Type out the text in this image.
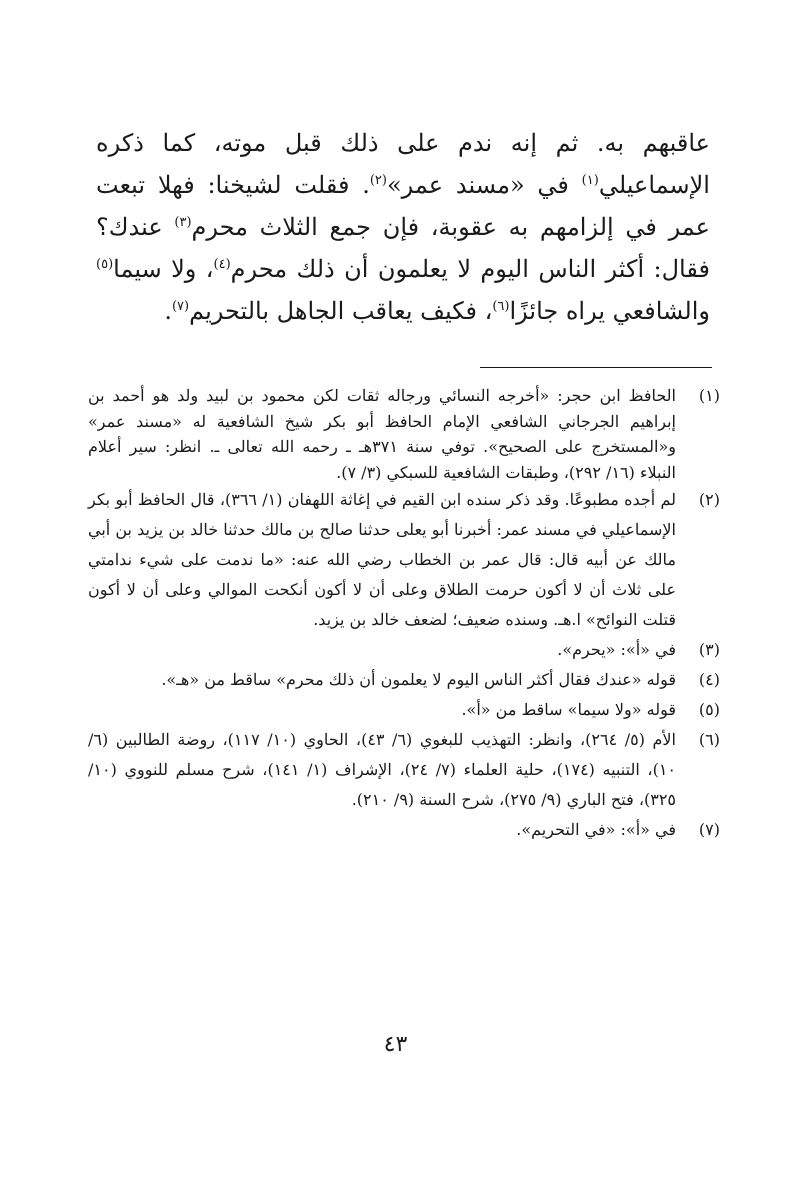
عاقبهم به. ثم إنه ندم على ذلك قبل موته، كما ذكره الإسماعيلي$^{(١)}$ في «مسند عمر»$^{(٢)}$. فقلت لشيخنا: فهلا تبعت عمر في إلزامهم به عقوبة، فإن جمع الثلاث محرم$^{(٣)}$ عندك؟ فقال: أكثر الناس اليوم لا يعلمون أن ذلك محرم$^{(٤)}$، ولا سيما$^{(٥)}$ والشافعي يراه جائزًا$^{(٦)}$، فكيف يعاقب الجاهل بالتحريم$^{(٧)}$.

(١)
الحافظ ابن حجر: «أخرجه النسائي ورجاله ثقات لكن محمود بن لبيد ولد هو أحمد بن إبراهيم الجرجاني الشافعي الإمام الحافظ أبو بكر شيخ الشافعية له «مسند عمر» و«المستخرج على الصحيح». توفي سنة ٣٧١هـ ـ رحمه الله تعالى ـ. انظر: سير أعلام النبلاء (١٦/ ٢٩٢)، وطبقات الشافعية للسبكي (٣/ ٧).
(٢)
لم أجده مطبوعًا. وقد ذكر سنده ابن القيم في إغاثة اللهفان (١/ ٣٦٦)، قال الحافظ أبو بكر الإسماعيلي في مسند عمر: أخبرنا أبو يعلى حدثنا صالح بن مالك حدثنا خالد بن يزيد بن أبي مالك عن أبيه قال: قال عمر بن الخطاب رضي الله عنه: «ما ندمت على شيء ندامتي على ثلاث أن لا أكون حرمت الطلاق وعلى أن لا أكون أنكحت الموالي وعلى أن لا أكون قتلت النوائح» ا.هـ. وسنده ضعيف؛ لضعف خالد بن يزيد.
(٣)
في «أ»: «يحرم».
(٤)
قوله «عندك فقال أكثر الناس اليوم لا يعلمون أن ذلك محرم» ساقط من «هـ».
(٥)
قوله «ولا سيما» ساقط من «أ».
(٦)
الأم (٥/ ٢٦٤)، وانظر: التهذيب للبغوي (٦/ ٤٣)، الحاوي (١٠/ ١١٧)، روضة الطالبين (٦/ ١٠)، التنبيه (١٧٤)، حلية العلماء (٧/ ٢٤)، الإشراف (١/ ١٤١)، شرح مسلم للنووي (١٠/ ٣٢٥)، فتح الباري (٩/ ٢٧٥)، شرح السنة (٩/ ٢١٠).
(٧)
في «أ»: «في التحريم».
٤٣
